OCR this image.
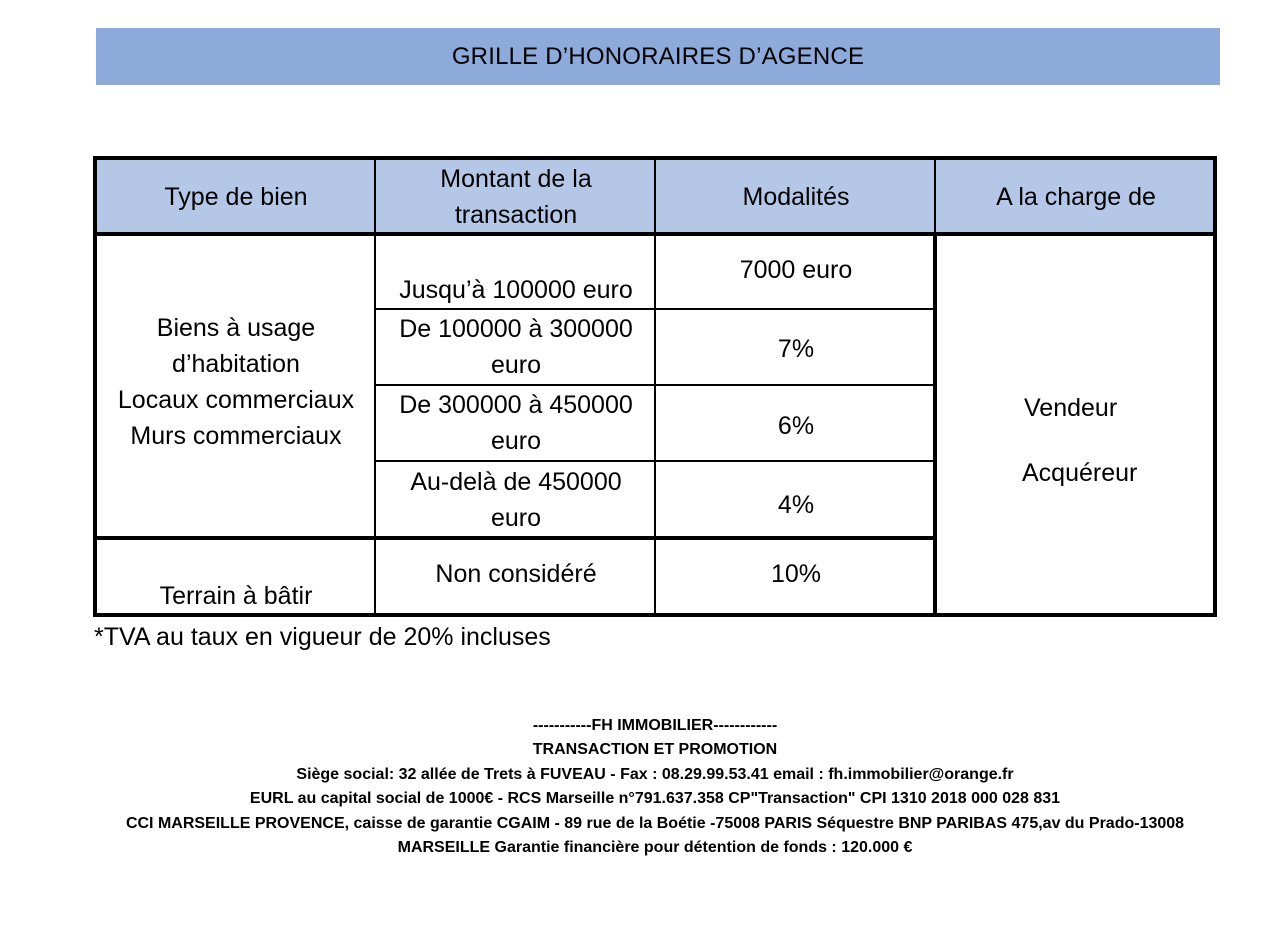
GRILLE D’HONORAIRES D’AGENCE
Type de bien
Montant de la transaction
Modalités	A la charge de
Biens à usage
d’habitation
Locaux commerciaux
Murs commerciaux
Jusqu’à 100000 euro
De 100000 à 300000 euro
De 300000 à 450000 euro
Au-delà de 450000 euro
7000 euro
7%
6%
4%
Terrain à bâtir
Non considéré	10%
Vendeur
Acquéreur
*TVA au taux en vigueur de 20% incluses
-----------FH IMMOBILIER------------
TRANSACTION ET PROMOTION
Siège social: 32 allée de Trets à FUVEAU - Fax : 08.29.99.53.41 email : fh.immobilier@orange.fr
EURL au capital social de 1000€ - RCS Marseille n°791.637.358 CP"Transaction" CPI 1310 2018 000 028 831
CCI MARSEILLE PROVENCE, caisse de garantie CGAIM - 89 rue de la Boétie -75008 PARIS Séquestre BNP PARIBAS 475,av du Prado-13008
MARSEILLE Garantie financière pour détention de fonds : 120.000 €
